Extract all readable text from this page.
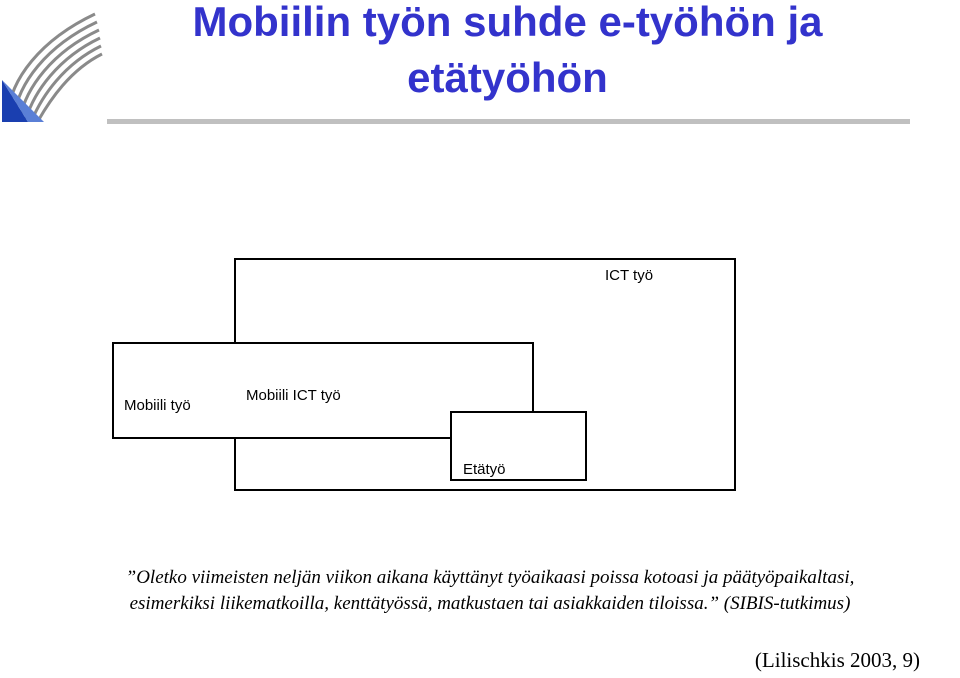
Mobiilin työn suhde e-työhön ja
etätyöhön
ICT työ
Mobiili työ
Mobiili ICT työ
Etätyö
”Oletko viimeisten neljän viikon aikana käyttänyt työaikaasi poissa kotoasi ja päätyöpaikaltasi,
esimerkiksi liikematkoilla, kenttätyössä, matkustaen tai asiakkaiden tiloissa.” (SIBIS-tutkimus)
(Lilischkis 2003, 9)
